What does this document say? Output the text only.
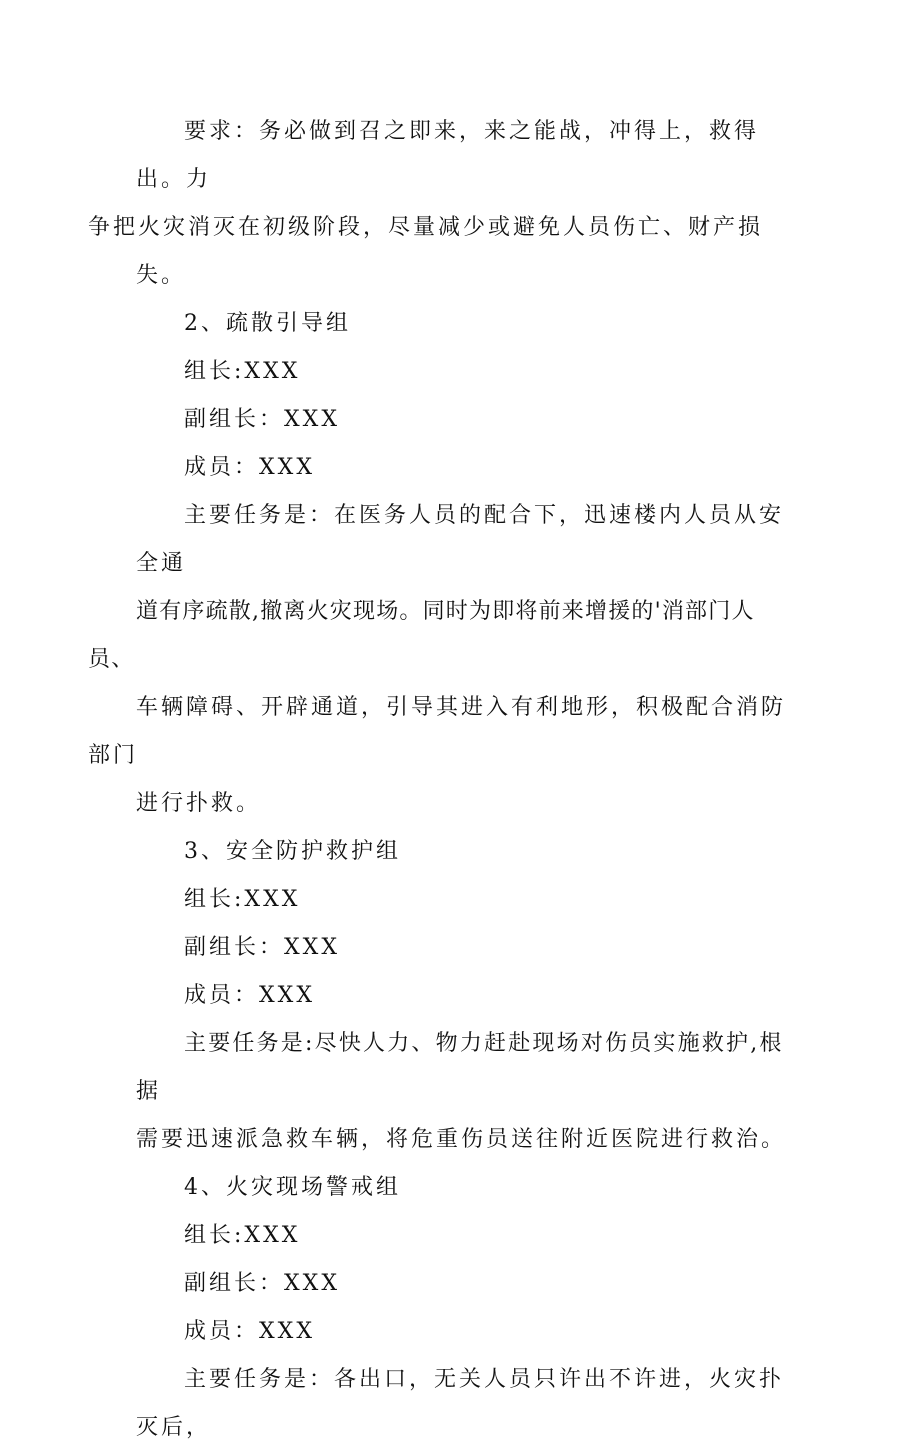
要求：务必做到召之即来，来之能战，冲得上，救得出。力
争把火灾消灭在初级阶段，尽量减少或避免人员伤亡、财产损
失。

2、疏散引导组

组长:XXX

副组长：XXX

成员：XXX

主要任务是：在医务人员的配合下，迅速楼内人员从安全通
道有序疏散,撤离火灾现场。同时为即将前来增援的'消部门人员、
车辆障碍、开辟通道，引导其进入有利地形，积极配合消防部门
进行扑救。

3、安全防护救护组

组长:XXX

副组长：XXX

成员：XXX

主要任务是:尽快人力、物力赶赴现场对伤员实施救护,根据
需要迅速派急救车辆，将危重伤员送往附近医院进行救治。

4、火灾现场警戒组

组长:XXX

副组长：XXX

成员：XXX

主要任务是：各出口，无关人员只许出不许进，火灾扑灭后，
